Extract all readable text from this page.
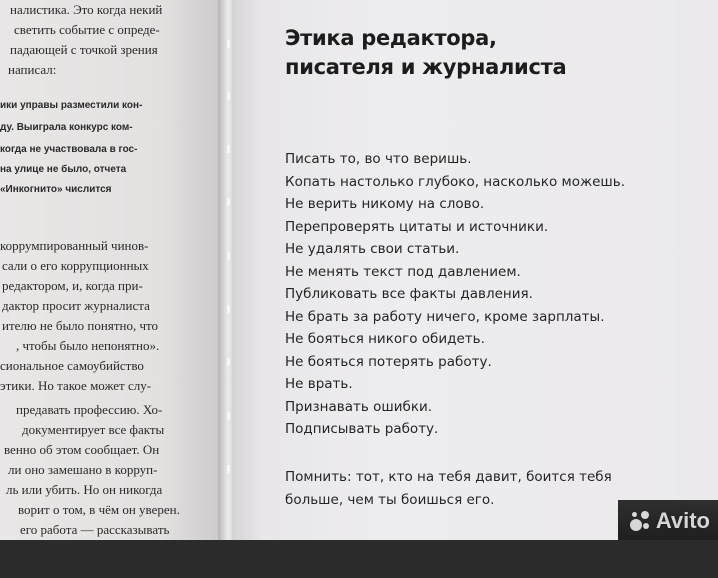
налистика. Это когда некий
светить событие с опреде-
падающей с точкой зрения
написал:
ики управы разместили кон-
ду. Выиграла конкурс ком-
когда не участвовала в гос-
на улице не было, отчета
«Инкогнито» числится
коррумпированный чинов-
сали о его коррупционных
редактором, и, когда при-
дактор просит журналиста
ителю не было понятно, что
, чтобы было непонятно».
сиональное самоубийство
этики. Но такое может слу-
предавать профессию. Хо-
документирует все факты
венно об этом сообщает. Он
ли оно замешано в корруп-
ль или убить. Но он никогда
ворит о том, в чём он уверен.
его работа — рассказывать
кционеров издания. Решать
работа пропагандиста. Такая
Этика редактора,
писателя и журналиста
Писать то, во что веришь.
Копать настолько глубоко, насколько можешь.
Не верить никому на слово.
Перепроверять цитаты и источники.
Не удалять свои статьи.
Не менять текст под давлением.
Публиковать все факты давления.
Не брать за работу ничего, кроме зарплаты.
Не бояться никого обидеть.
Не бояться потерять работу.
Не врать.
Признавать ошибки.
Подписывать работу.

Помнить: тот, кто на тебя давит, боится тебя
больше, чем ты боишься его.

Avito
